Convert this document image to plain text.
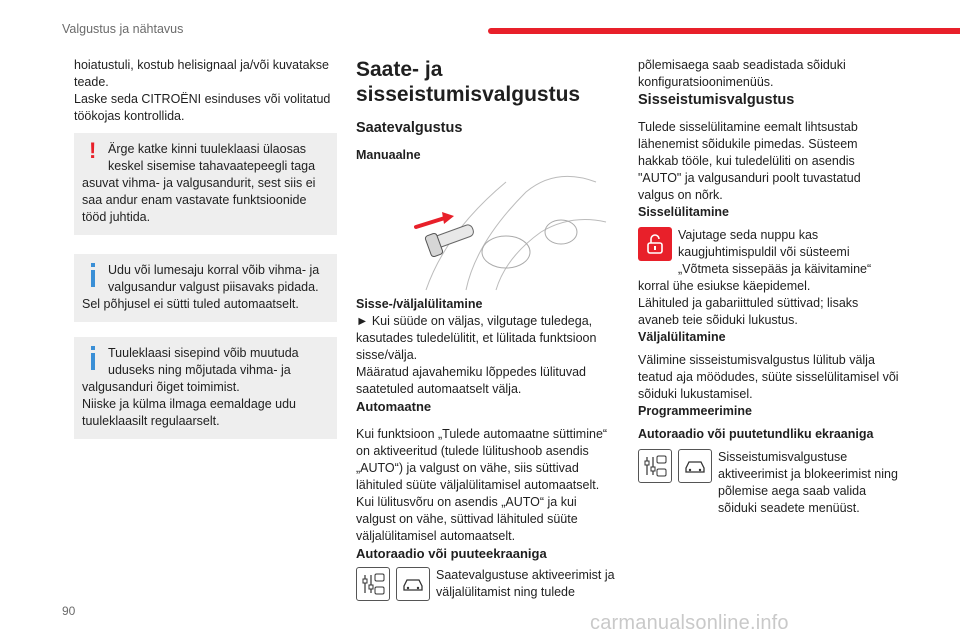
Valgustus ja nähtavus

hoiatustuli, kostub helisignaal ja/või kuvatakse teade.

Laske seda CITROËNI esinduses või volitatud töökojas kontrollida.

! Ärge katke kinni tuuleklaasi ülaosas keskel sisemise tahavaatepeegli taga asuvat vihma- ja valgusandurit, sest siis ei saa andur enam vastavate funktsioonide tööd juhtida.
Udu või lumesaju korral võib vihma- ja valgusandur valgust piisavaks pidada.
Sel põhjusel ei sütti tuled automaatselt.
Tuuleklaasi sisepind võib muutuda uduseks ning mõjutada vihma- ja valgusanduri õiget toimimist.
Niiske ja külma ilmaga eemaldage udu tuuleklaasilt regulaarselt.
Saate- ja sisseistumisvalgustus
Saatevalgustus
Manuaalne
Sisse-/väljalülitamine

► Kui süüde on väljas, vilgutage tuledega, kasutades tuledelülitit, et lülitada funktsioon sisse/välja.

Määratud ajavahemiku lõppedes lülituvad saatetuled automaatselt välja.

Automaatne

Kui funktsioon „Tulede automaatne süttimine“ on aktiveeritud (tulede lülitushoob asendis „AUTO“) ja valgust on vähe, siis süttivad lähituled süüte väljalülitamisel automaatselt.

Kui lülitusvõru on asendis „AUTO“ ja kui valgust on vähe, süttivad lähituled süüte väljalülitamisel automaatselt.

Autoraadio või puuteekraaniga
Saatevalgustuse aktiveerimist ja väljalülitamist ning tulede

põlemisaega saab seadistada sõiduki konfiguratsioonimenüüs.

Sisseistumisvalgustus

Tulede sisselülitamine eemalt lihtsustab lähenemist sõidukile pimedas. Süsteem hakkab tööle, kui tuledelüliti on asendis "AUTO" ja valgusanduri poolt tuvastatud valgus on nõrk.

Sisselülitamine
Vajutage seda nuppu kas kaugjuhtimispuldil või süsteemi „Võtmeta sissepääs ja käivitamine“ korral ühe esiukse käepidemel.
Lähituled ja gabariittuled süttivad; lisaks avaneb teie sõiduki lukustus.
Väljalülitamine

Välimine sisseistumisvalgustus lülitub välja teatud aja möödudes, süüte sisselülitamisel või sõiduki lukustamisel.

Programmeerimine
Autoraadio või puutetundliku ekraaniga
Sisseistumisvalgustuse aktiveerimist ja blokeerimist ning põlemise aega saab valida sõiduki seadete menüüst.
90
carmanualsonline.info
